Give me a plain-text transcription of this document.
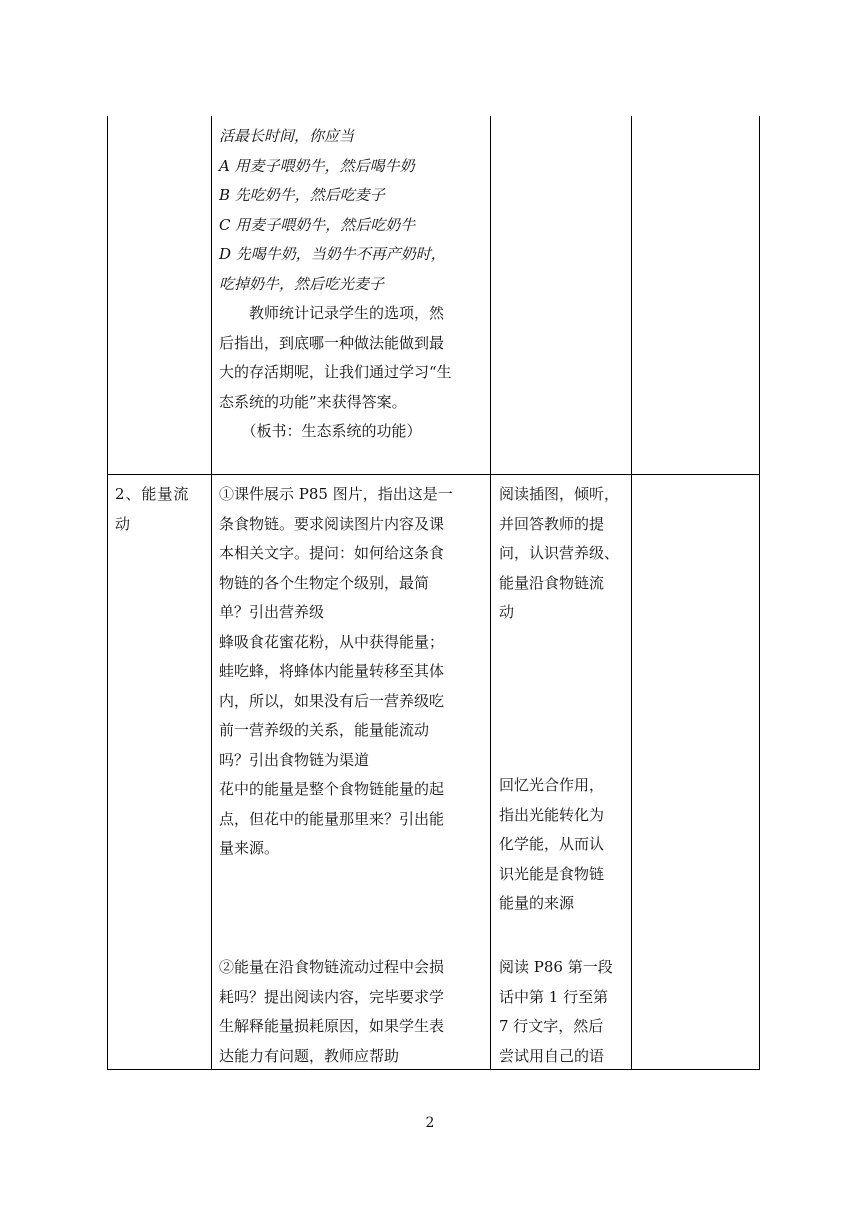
活最长时间，你应当
A 用麦子喂奶牛，然后喝牛奶
B 先吃奶牛，然后吃麦子
C 用麦子喂奶牛，然后吃奶牛
D 先喝牛奶，当奶牛不再产奶时，
吃掉奶牛，然后吃光麦子
　　教师统计记录学生的选项，然
后指出，到底哪一种做法能做到最
大的存活期呢，让我们通过学习“生
态系统的功能”来获得答案。
　　（板书：生态系统的功能）
2、能量流
动
①课件展示 P85 图片，指出这是一
条食物链。要求阅读图片内容及课
本相关文字。提问：如何给这条食
物链的各个生物定个级别，最简
单？引出营养级
蜂吸食花蜜花粉，从中获得能量；
蛙吃蜂，将蜂体内能量转移至其体
内，所以，如果没有后一营养级吃
前一营养级的关系，能量能流动
吗？引出食物链为渠道
花中的能量是整个食物链能量的起
点，但花中的能量那里来？引出能
量来源。
②能量在沿食物链流动过程中会损
耗吗？提出阅读内容，完毕要求学
生解释能量损耗原因，如果学生表
达能力有问题，教师应帮助
阅读插图，倾听，
并回答教师的提
问，认识营养级、
能量沿食物链流
动
回忆光合作用，
指出光能转化为
化学能，从而认
识光能是食物链
能量的来源
阅读 P86 第一段
话中第 1 行至第
7 行文字，然后
尝试用自己的语
2
